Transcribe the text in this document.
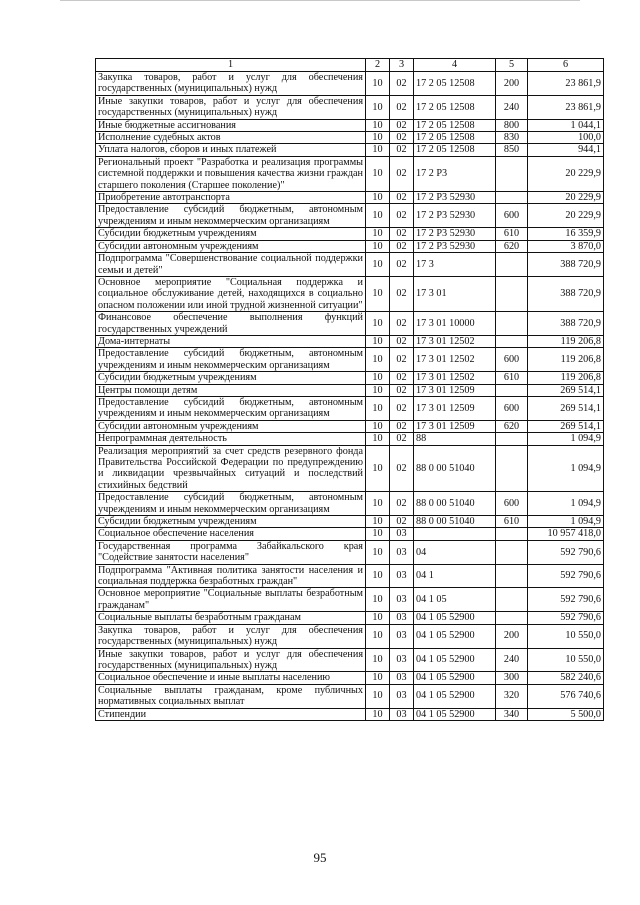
1	2	3	4	5	6
Закупка товаров, работ и услуг для обеспечения государственных (муниципальных) нужд	10	02	17 2 05 12508	200	23 861,9
Иные закупки товаров, работ и услуг для обеспечения государственных (муниципальных) нужд	10	02	17 2 05 12508	240	23 861,9
Иные бюджетные ассигнования	10	02	17 2 05 12508	800	1 044,1
Исполнение судебных актов	10	02	17 2 05 12508	830	100,0
Уплата налогов, сборов и иных платежей	10	02	17 2 05 12508	850	944,1
Региональный проект "Разработка и реализация программы системной поддержки и повышения качества жизни граждан старшего поколения (Старшее поколение)"	10	02	17 2 P3		20 229,9
Приобретение автотранспорта	10	02	17 2 P3 52930		20 229,9
Предоставление субсидий бюджетным, автономным учреждениям и иным некоммерческим организациям	10	02	17 2 P3 52930	600	20 229,9
Субсидии бюджетным учреждениям	10	02	17 2 P3 52930	610	16 359,9
Субсидии автономным учреждениям	10	02	17 2 P3 52930	620	3 870,0
Подпрограмма "Совершенствование социальной поддержки семьи и детей"	10	02	17 3		388 720,9
Основное мероприятие "Социальная поддержка и социальное обслуживание детей, находящихся в социально опасном положении или иной трудной жизненной ситуации"	10	02	17 3 01		388 720,9
Финансовое обеспечение выполнения функций государственных учреждений	10	02	17 3 01 10000		388 720,9
Дома-интернаты	10	02	17 3 01 12502		119 206,8
Предоставление субсидий бюджетным, автономным учреждениям и иным некоммерческим организациям	10	02	17 3 01 12502	600	119 206,8
Субсидии бюджетным учреждениям	10	02	17 3 01 12502	610	119 206,8
Центры помощи детям	10	02	17 3 01 12509		269 514,1
Предоставление субсидий бюджетным, автономным учреждениям и иным некоммерческим организациям	10	02	17 3 01 12509	600	269 514,1
Субсидии автономным учреждениям	10	02	17 3 01 12509	620	269 514,1
Непрограммная деятельность	10	02	88		1 094,9
Реализация мероприятий за счет средств резервного фонда Правительства Российской Федерации по предупреждению и ликвидации чрезвычайных ситуаций и последствий стихийных бедствий	10	02	88 0 00 51040		1 094,9
Предоставление субсидий бюджетным, автономным учреждениям и иным некоммерческим организациям	10	02	88 0 00 51040	600	1 094,9
Субсидии бюджетным учреждениям	10	02	88 0 00 51040	610	1 094,9
Социальное обеспечение населения	10	03			10 957 418,0
Государственная программа Забайкальского края "Содействие занятости населения"	10	03	04		592 790,6
Подпрограмма "Активная политика занятости населения и социальная поддержка безработных граждан"	10	03	04 1		592 790,6
Основное мероприятие "Социальные выплаты безработным гражданам"	10	03	04 1 05		592 790,6
Социальные выплаты безработным гражданам	10	03	04 1 05 52900		592 790,6
Закупка товаров, работ и услуг для обеспечения государственных (муниципальных) нужд	10	03	04 1 05 52900	200	10 550,0
Иные закупки товаров, работ и услуг для обеспечения государственных (муниципальных) нужд	10	03	04 1 05 52900	240	10 550,0
Социальное обеспечение и иные выплаты населению	10	03	04 1 05 52900	300	582 240,6
Социальные выплаты гражданам, кроме публичных нормативных социальных выплат	10	03	04 1 05 52900	320	576 740,6
Стипендии	10	03	04 1 05 52900	340	5 500,0
95
